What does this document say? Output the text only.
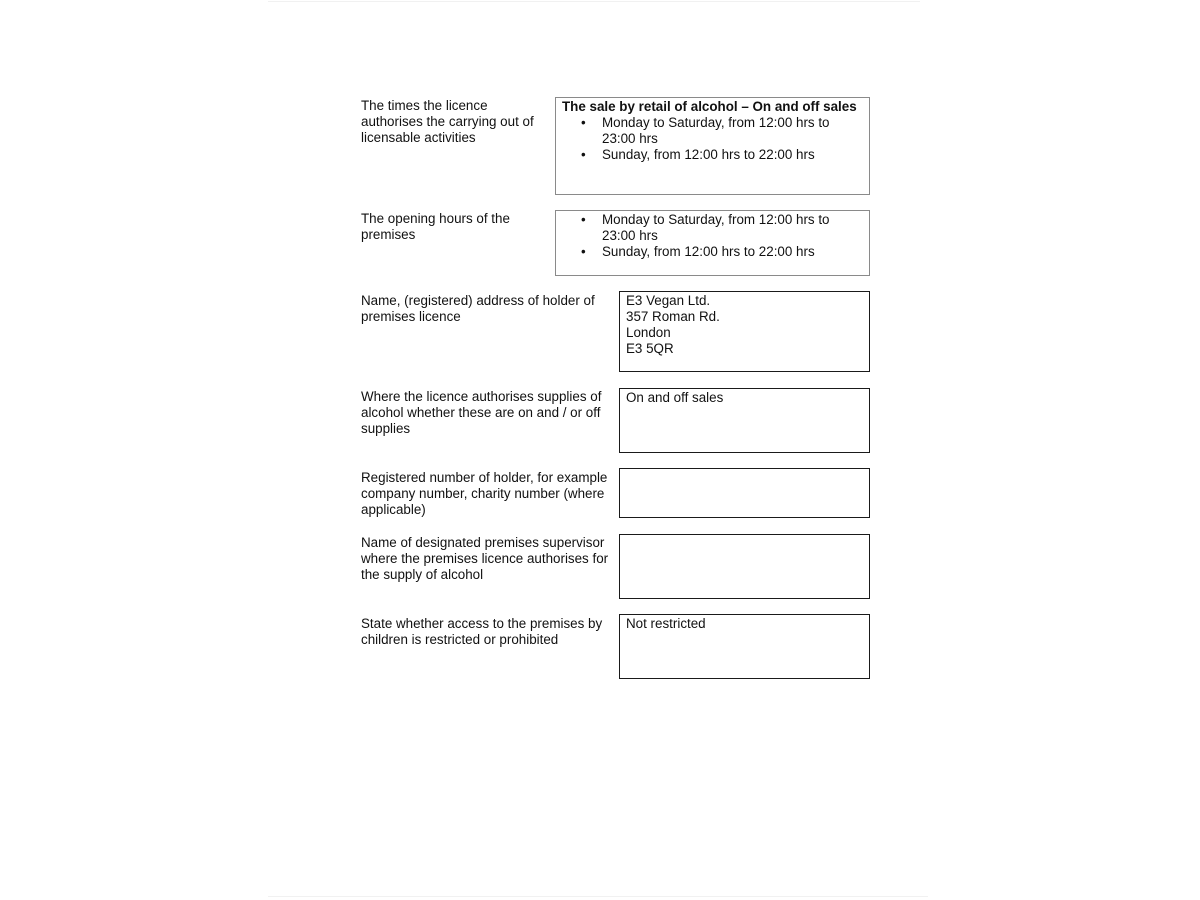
The times the licence
authorises the carrying out of
licensable activities

The sale by retail of alcohol – On and off sales

• Monday to Saturday, from 12:00 hrs to
23:00 hrs
• Sunday, from 12:00 hrs to 22:00 hrs

The opening hours of the
premises

• Monday to Saturday, from 12:00 hrs to
23:00 hrs
• Sunday, from 12:00 hrs to 22:00 hrs

Name, (registered) address of holder of
premises licence

E3 Vegan Ltd.
357 Roman Rd.
London
E3 5QR

Where the licence authorises supplies of
alcohol whether these are on and / or off
supplies

On and off sales

Registered number of holder, for example
company number, charity number (where
applicable)

Name of designated premises supervisor
where the premises licence authorises for
the supply of alcohol

State whether access to the premises by
children is restricted or prohibited

Not restricted
